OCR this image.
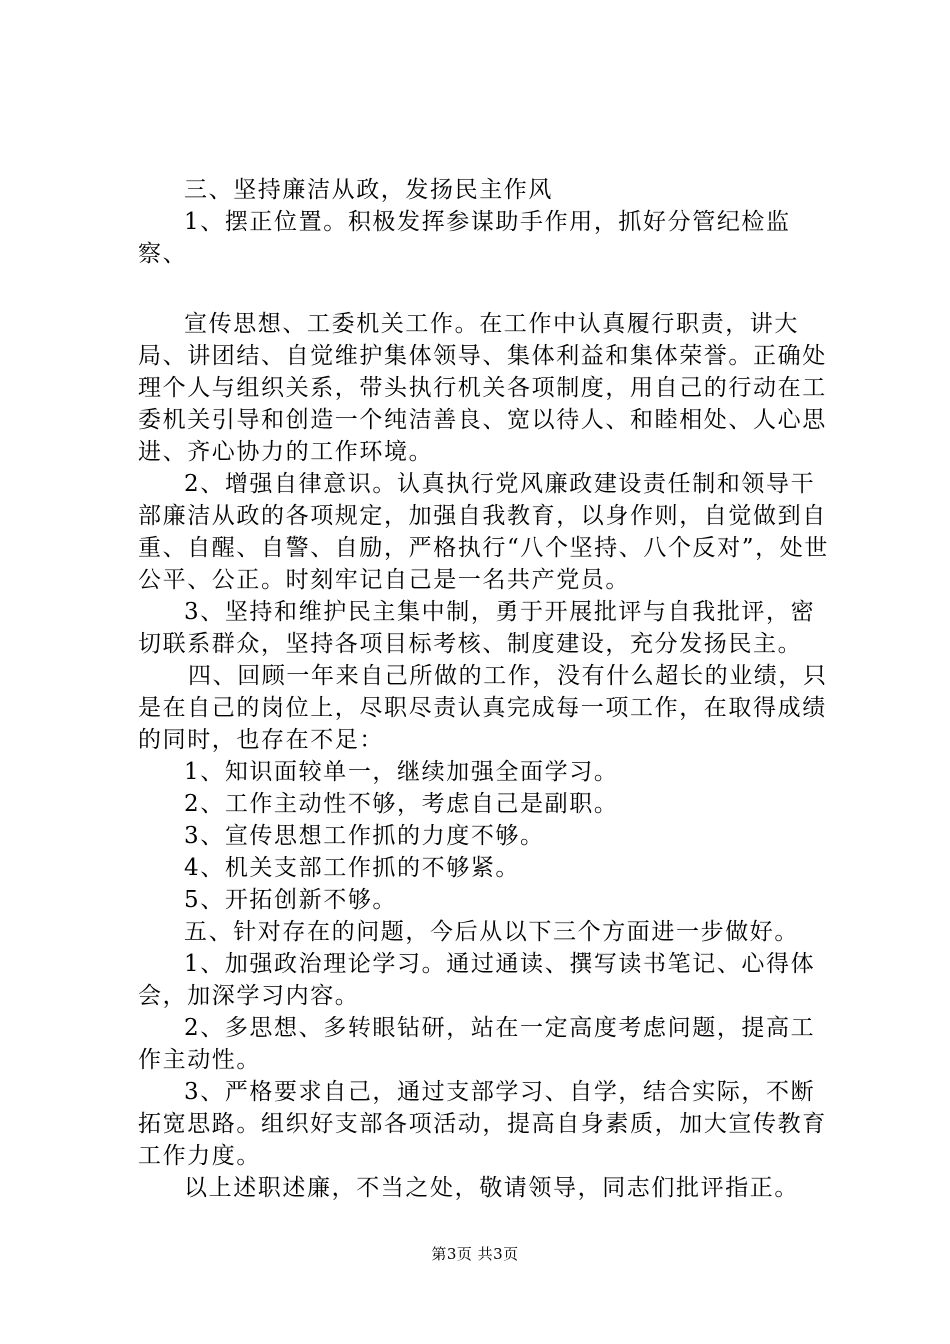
三、坚持廉洁从政，发扬民主作风

1、摆正位置。积极发挥参谋助手作用，抓好分管纪检监察、

宣传思想、工委机关工作。在工作中认真履行职责，讲大局、讲团结、自觉维护集体领导、集体利益和集体荣誉。正确处理个人与组织关系，带头执行机关各项制度，用自己的行动在工委机关引导和创造一个纯洁善良、宽以待人、和睦相处、人心思进、齐心协力的工作环境。

2、增强自律意识。认真执行党风廉政建设责任制和领导干部廉洁从政的各项规定，加强自我教育，以身作则，自觉做到自重、自醒、自警、自励，严格执行“八个坚持、八个反对”，处世公平、公正。时刻牢记自己是一名共产党员。

3、坚持和维护民主集中制，勇于开展批评与自我批评，密切联系群众，坚持各项目标考核、制度建设，充分发扬民主。

四、回顾一年来自己所做的工作，没有什么超长的业绩，只是在自己的岗位上，尽职尽责认真完成每一项工作，在取得成绩的同时，也存在不足：

1、知识面较单一，继续加强全面学习。

2、工作主动性不够，考虑自己是副职。

3、宣传思想工作抓的力度不够。

4、机关支部工作抓的不够紧。

5、开拓创新不够。

五、针对存在的问题，今后从以下三个方面进一步做好。

1、加强政治理论学习。通过通读、撰写读书笔记、心得体会，加深学习内容。

2、多思想、多转眼钻研，站在一定高度考虑问题，提高工作主动性。

3、严格要求自己，通过支部学习、自学，结合实际，不断拓宽思路。组织好支部各项活动，提高自身素质，加大宣传教育工作力度。

以上述职述廉，不当之处，敬请领导，同志们批评指正。

第3页 共3页
